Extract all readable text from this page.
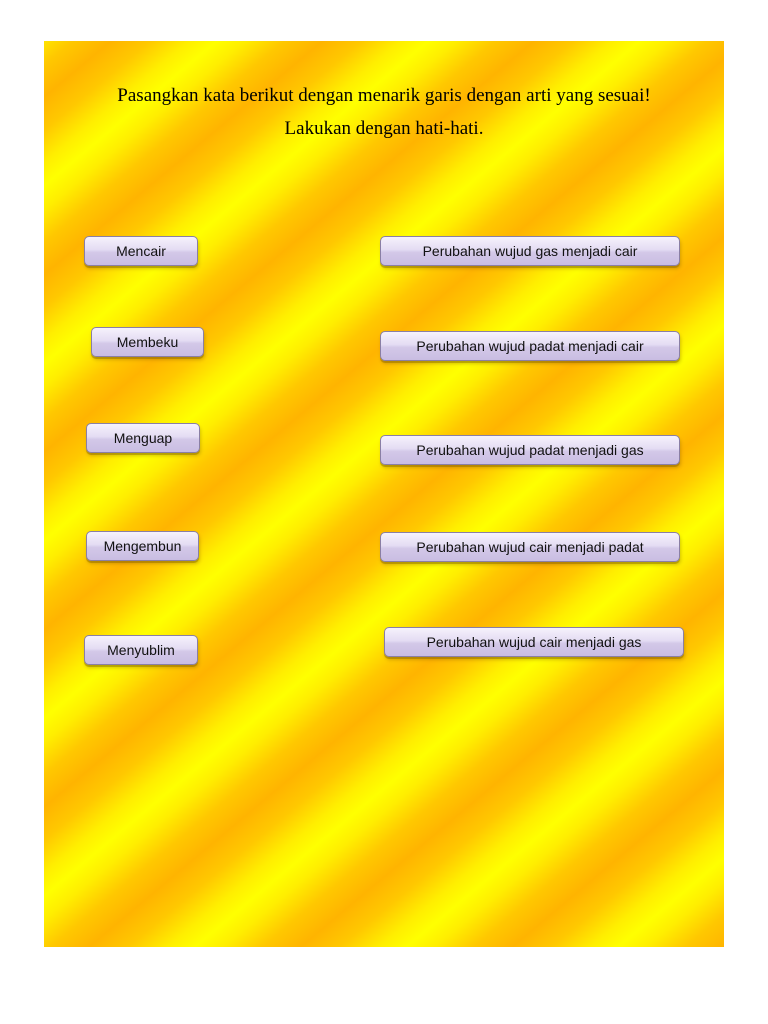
Pasangkan kata berikut dengan menarik garis dengan arti yang sesuai!
Lakukan dengan hati-hati.
Mencair
Membeku
Menguap
Mengembun
Menyublim
Perubahan wujud gas menjadi cair
Perubahan wujud padat menjadi cair
Perubahan wujud padat menjadi gas
Perubahan wujud cair menjadi padat
Perubahan wujud cair menjadi gas
